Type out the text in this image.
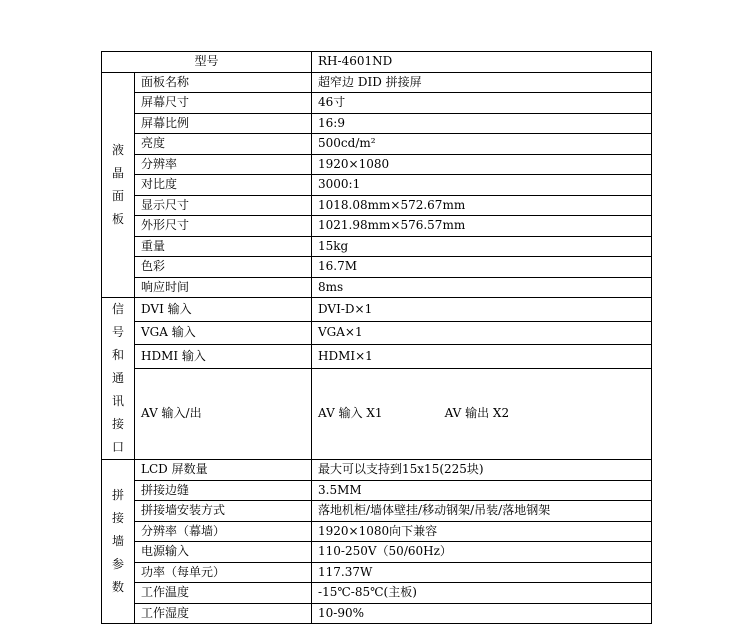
型号		RH-4601ND
液晶面板	面板名称	超窄边 DID 拼接屏
	屏幕尺寸	46寸
	屏幕比例	16:9
	亮度	500cd/m²
	分辨率	1920×1080
	对比度	3000:1
	显示尺寸	1018.08mm×572.67mm
	外形尺寸	1021.98mm×576.57mm
	重量	15kg
	色彩	16.7M
	响应时间	8ms
信号和通讯接口	DVI 输入	DVI-D×1
	VGA 输入	VGA×1
	HDMI 输入	HDMI×1
	AV 输入/出	AV 输入 X1 AV 输出 X2
拼接墙参数	LCD 屏数量	最大可以支持到15x15(225块)
	拼接边缝	3.5MM
	拼接墙安装方式	落地机柜/墙体壁挂/移动钢架/吊装/落地钢架
	分辨率（幕墙）	1920×1080向下兼容
	电源输入	110-250V（50/60Hz）
	功率（每单元）	117.37W
	工作温度	-15℃-85℃(主板)
	工作湿度	10-90%
